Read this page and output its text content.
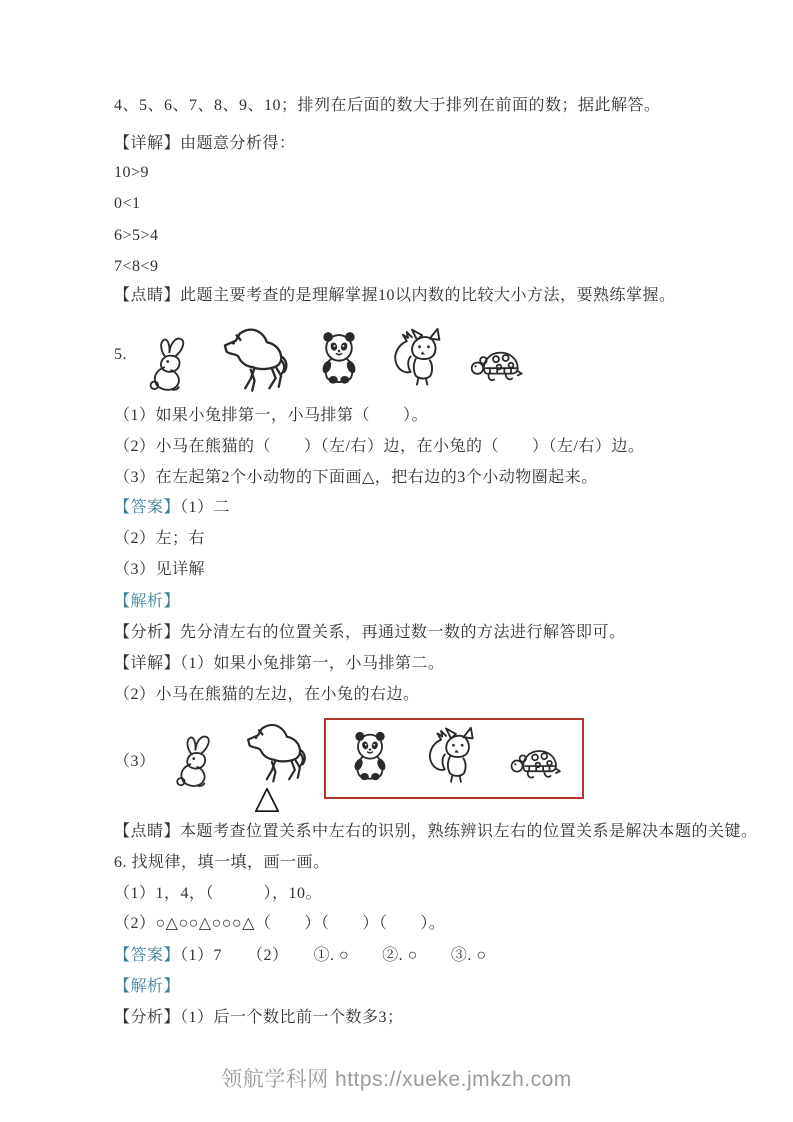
4、5、6、7、8、9、10；排列在后面的数大于排列在前面的数；据此解答。
【详解】由题意分析得：
10>9
0<1
6>5>4
7<8<9
【点睛】此题主要考查的是理解掌握10以内数的比较大小方法，要熟练掌握。
5.
（1）如果小兔排第一，小马排第（　　）。
（2）小马在熊猫的（　　）（左/右）边，在小兔的（　　）（左/右）边。
（3）在左起第2个小动物的下面画△，把右边的3个小动物圈起来。
【答案】（1）二
（2）左；右
（3）见详解
【解析】
【分析】先分清左右的位置关系，再通过数一数的方法进行解答即可。
【详解】（1）如果小兔排第一，小马排第二。
（2）小马在熊猫的左边，在小兔的右边。
（3）
【点睛】本题考查位置关系中左右的识别，熟练辨识左右的位置关系是解决本题的关键。
6. 找规律，填一填，画一画。
（1）1，4，（　　　），10。
（2）○△○○△○○○△（　　）（　　）（　　）。
【答案】（1）7　　（2）　　①. ○　　②. ○　　③. ○
【解析】
【分析】（1）后一个数比前一个数多3；
领航学科网 https://xueke.jmkzh.com
